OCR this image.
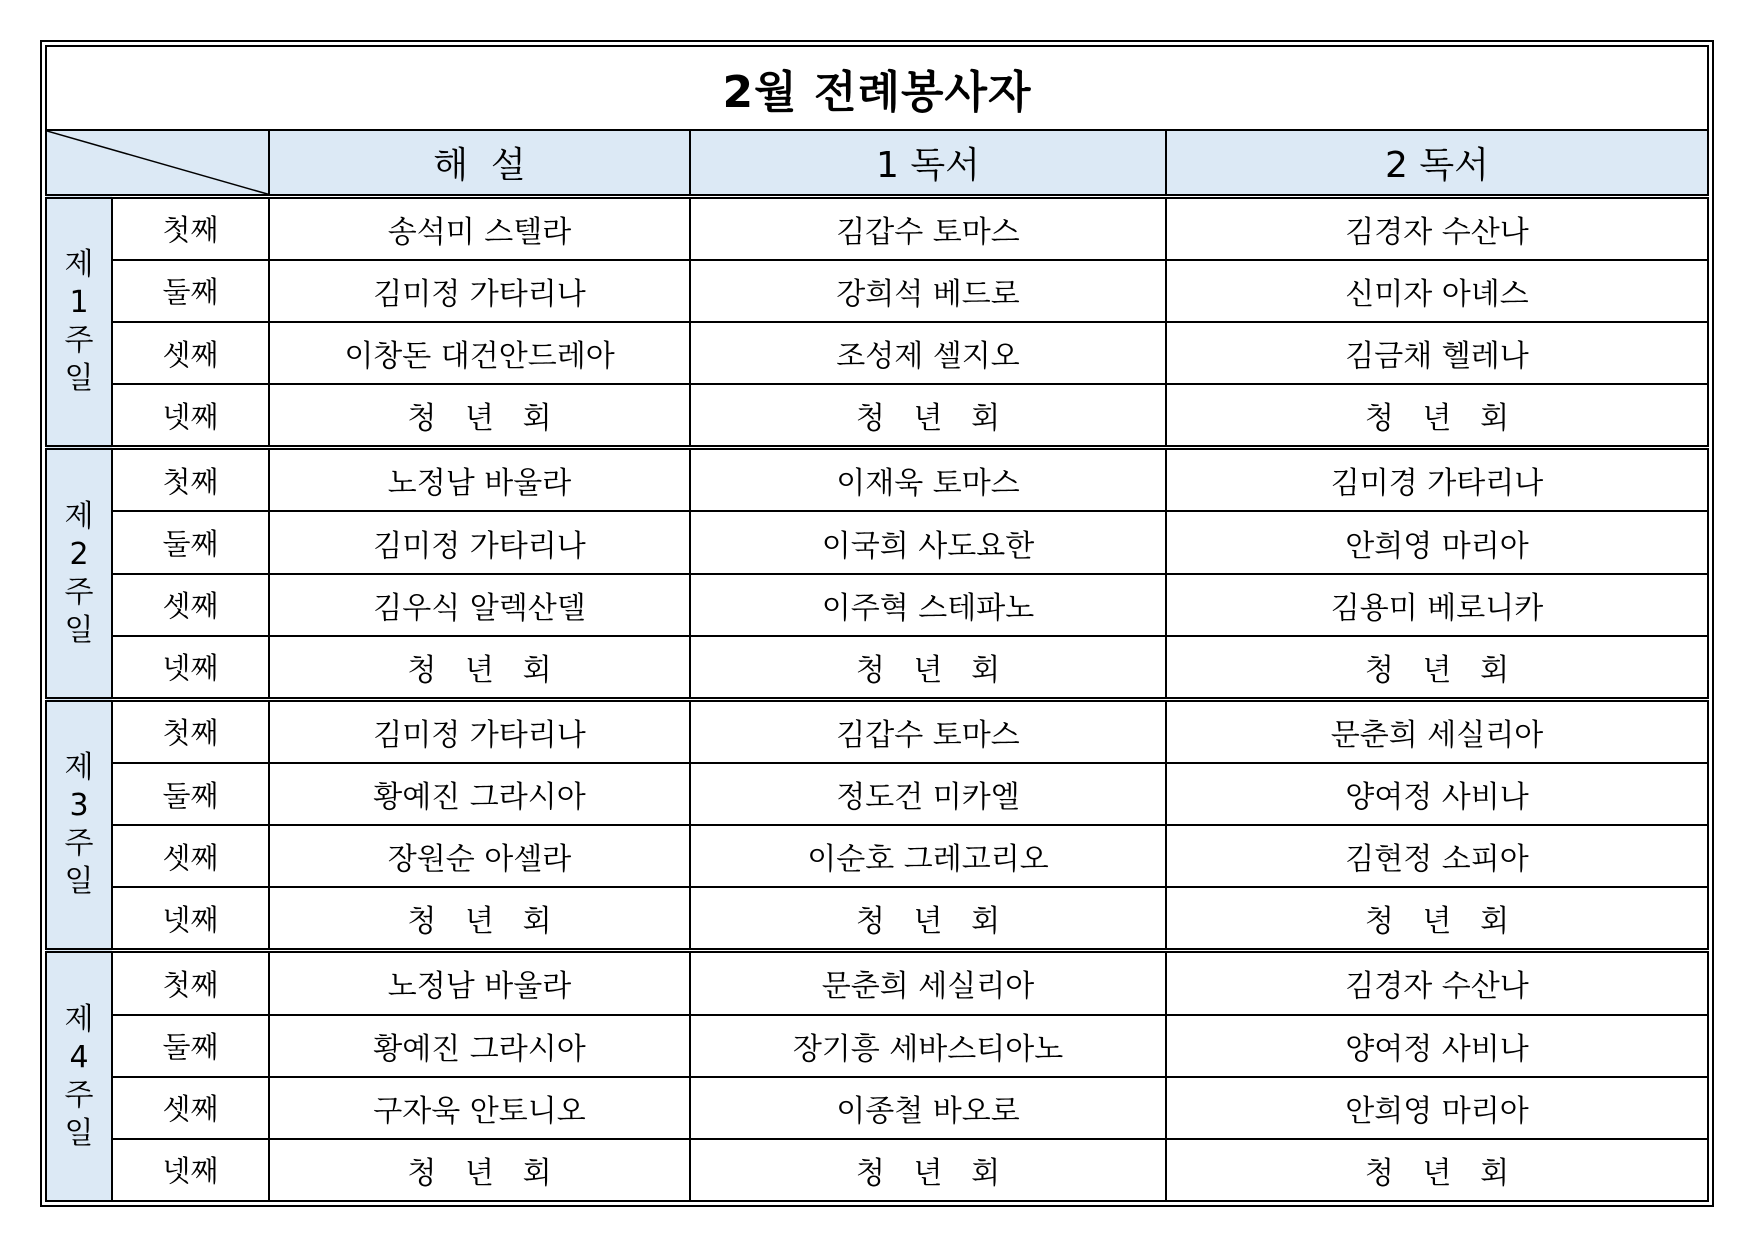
2월 전례봉사자				

	해  설	1 독서	2 독서

제
1
주
일	첫째	송석미 스텔라	김갑수 토마스	김경자 수산나
	둘째	김미정 가타리나	강희석 베드로	신미자 아녜스
	셋째	이창돈 대건안드레아	조성제 셀지오	김금채 헬레나
	넷째	청   년   회	청   년   회	청   년   회

제
2
주
일	첫째	노정남 바울라	이재욱 토마스	김미경 가타리나
	둘째	김미정 가타리나	이국희 사도요한	안희영 마리아
	셋째	김우식 알렉산델	이주혁 스테파노	김용미 베로니카
	넷째	청   년   회	청   년   회	청   년   회

제
3
주
일	첫째	김미정 가타리나	김갑수 토마스	문춘희 세실리아
	둘째	황예진 그라시아	정도건 미카엘	양여정 사비나
	셋째	장원순 아셀라	이순호 그레고리오	김현정 소피아
	넷째	청   년   회	청   년   회	청   년   회

제
4
주
일	첫째	노정남 바울라	문춘희 세실리아	김경자 수산나
	둘째	황예진 그라시아	장기흥 세바스티아노	양여정 사비나
	셋째	구자욱 안토니오	이종철 바오로	안희영 마리아
	넷째	청   년   회	청   년   회	청   년   회
